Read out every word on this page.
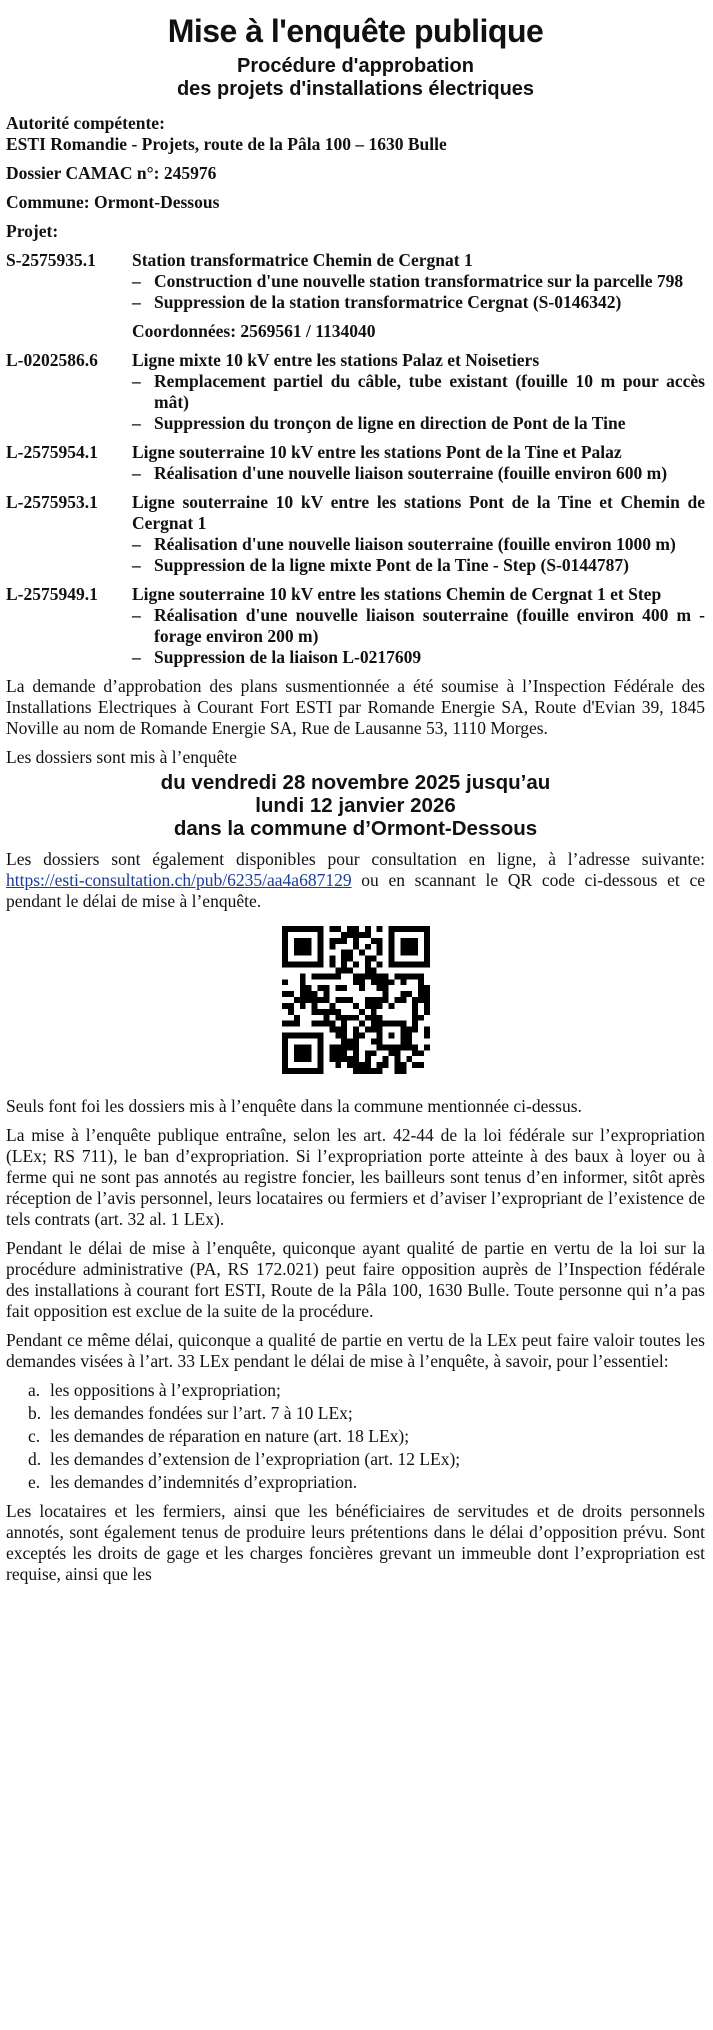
Mise à l'enquête publique
Procédure d'approbation
des projets d'installations électriques
Autorité compétente:
ESTI Romandie - Projets, route de la Pâla 100 – 1630 Bulle
Dossier CAMAC n°: 245976
Commune: Ormont-Dessous
Projet:
S-2575935.1	Station transformatrice Chemin de Cergnat 1
– Construction d'une nouvelle station transformatrice sur la parcelle 798
– Suppression de la station transformatrice Cergnat (S-0146342)
Coordonnées: 2569561 / 1134040
L-0202586.6	Ligne mixte 10 kV entre les stations Palaz et Noisetiers
– Remplacement partiel du câble, tube existant (fouille 10 m pour accès mât)
– Suppression du tronçon de ligne en direction de Pont de la Tine
L-2575954.1	Ligne souterraine 10 kV entre les stations Pont de la Tine et Palaz
– Réalisation d'une nouvelle liaison souterraine (fouille environ 600 m)
L-2575953.1	Ligne souterraine 10 kV entre les stations Pont de la Tine et Chemin de Cergnat 1
– Réalisation d'une nouvelle liaison souterraine (fouille environ 1000 m)
– Suppression de la ligne mixte Pont de la Tine - Step (S-0144787)
L-2575949.1	Ligne souterraine 10 kV entre les stations Chemin de Cergnat 1 et Step
– Réalisation d'une nouvelle liaison souterraine (fouille environ 400 m - forage environ 200 m)
– Suppression de la liaison L-0217609

La demande d’approbation des plans susmentionnée a été soumise à l’Inspection Fédérale des Installations Electriques à Courant Fort ESTI par Romande Energie SA, Route d'Evian 39, 1845 Noville au nom de Romande Energie SA, Rue de Lausanne 53, 1110 Morges.

Les dossiers sont mis à l’enquête

du vendredi 28 novembre 2025 jusqu’au
lundi 12 janvier 2026
dans la commune d’Ormont-Dessous

Les dossiers sont également disponibles pour consultation en ligne, à l’adresse suivante: https://esti-consultation.ch/pub/6235/aa4a687129 ou en scannant le QR code ci-dessous et ce pendant le délai de mise à l’enquête.

Seuls font foi les dossiers mis à l’enquête dans la commune mentionnée ci-dessus.

La mise à l’enquête publique entraîne, selon les art. 42-44 de la loi fédérale sur l’expropriation (LEx; RS 711), le ban d’expropriation. Si l’expropriation porte atteinte à des baux à loyer ou à ferme qui ne sont pas annotés au registre foncier, les bailleurs sont tenus d’en informer, sitôt après réception de l’avis personnel, leurs locataires ou fermiers et d’aviser l’expropriant de l’existence de tels contrats (art. 32 al. 1 LEx).

Pendant le délai de mise à l’enquête, quiconque ayant qualité de partie en vertu de la loi sur la procédure administrative (PA, RS 172.021) peut faire opposition auprès de l’Inspection fédérale des installations à courant fort ESTI, Route de la Pâla 100, 1630 Bulle. Toute personne qui n’a pas fait opposition est exclue de la suite de la procédure.

Pendant ce même délai, quiconque a qualité de partie en vertu de la LEx peut faire valoir toutes les demandes visées à l’art. 33 LEx pendant le délai de mise à l’enquête, à savoir, pour l’essentiel:

a. les oppositions à l’expropriation;
b. les demandes fondées sur l’art. 7 à 10 LEx;
c. les demandes de réparation en nature (art. 18 LEx);
d. les demandes d’extension de l’expropriation (art. 12 LEx);
e. les demandes d’indemnités d’expropriation.

Les locataires et les fermiers, ainsi que les bénéficiaires de servitudes et de droits personnels annotés, sont également tenus de produire leurs prétentions dans le délai d’opposition prévu. Sont exceptés les droits de gage et les charges foncières grevant un immeuble dont l’expropriation est requise, ainsi que les
